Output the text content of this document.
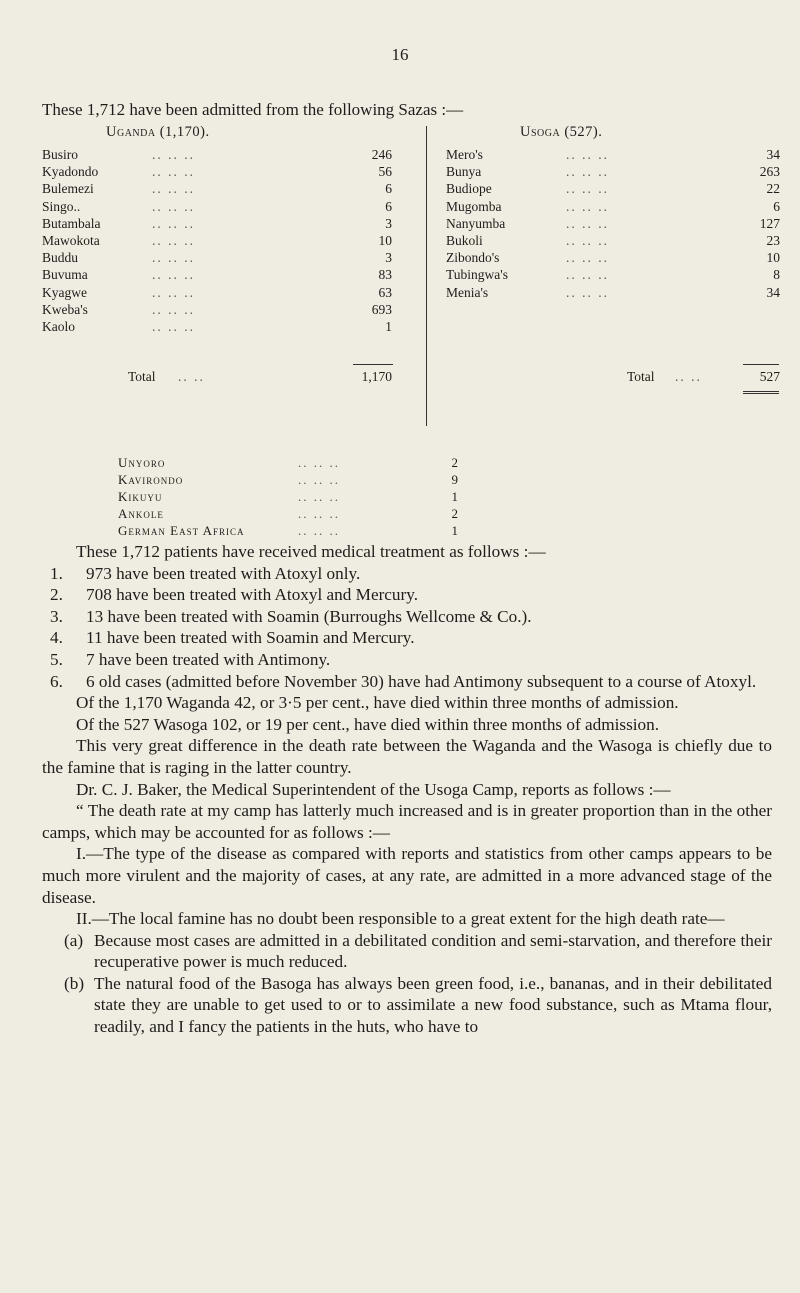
16
These 1,712 have been admitted from the following Sazas :—
Uganda (1,170).
Busiro	.. .. ..	246
Kyadondo	.. .. ..	56
Bulemezi	.. .. ..	6
Singo..	.. .. ..	6
Butambala	.. .. ..	3
Mawokota	.. .. ..	10
Buddu	.. .. ..	3
Buvuma	.. .. ..	83
Kyagwe	.. .. ..	63
Kweba's	.. .. ..	693
Kaolo	.. .. ..	1
Total .. ..	1,170
Usoga (527).
Mero's	.. .. ..	34
Bunya	.. .. ..	263
Budiope	.. .. ..	22
Mugomba	.. .. ..	6
Nanyumba	.. .. ..	127
Bukoli	.. .. ..	23
Zibondo's	.. .. ..	10
Tubingwa's	.. .. ..	8
Menia's	.. .. ..	34
Total .. ..	527
Unyoro	.. .. ..	2
Kavirondo	.. .. ..	9
Kikuyu	.. .. ..	1
Ankole	.. .. ..	2
German East Africa	.. .. ..	1

These 1,712 patients have received medical treatment as follows :—

1. 973 have been treated with Atoxyl only.
2. 708 have been treated with Atoxyl and Mercury.
3. 13 have been treated with Soamin (Burroughs Wellcome & Co.).
4. 11 have been treated with Soamin and Mercury.
5. 7 have been treated with Antimony.
6. 6 old cases (admitted before November 30) have had Antimony subsequent to a course of Atoxyl.

Of the 1,170 Waganda 42, or 3·5 per cent., have died within three months of admission.

Of the 527 Wasoga 102, or 19 per cent., have died within three months of admission.

This very great difference in the death rate between the Waganda and the Wasoga is chiefly due to the famine that is raging in the latter country.

Dr. C. J. Baker, the Medical Superintendent of the Usoga Camp, reports as follows :—

“ The death rate at my camp has latterly much increased and is in greater proportion than in the other camps, which may be accounted for as follows :—

I.—The type of the disease as compared with reports and statistics from other camps appears to be much more virulent and the majority of cases, at any rate, are admitted in a more advanced stage of the disease.

II.—The local famine has no doubt been responsible to a great extent for the high death rate—

(a) Because most cases are admitted in a debilitated condition and semi-starvation, and therefore their recuperative power is much reduced.
(b) The natural food of the Basoga has always been green food, i.e., bananas, and in their debilitated state they are unable to get used to or to assimilate a new food substance, such as Mtama flour, readily, and I fancy the patients in the huts, who have to
